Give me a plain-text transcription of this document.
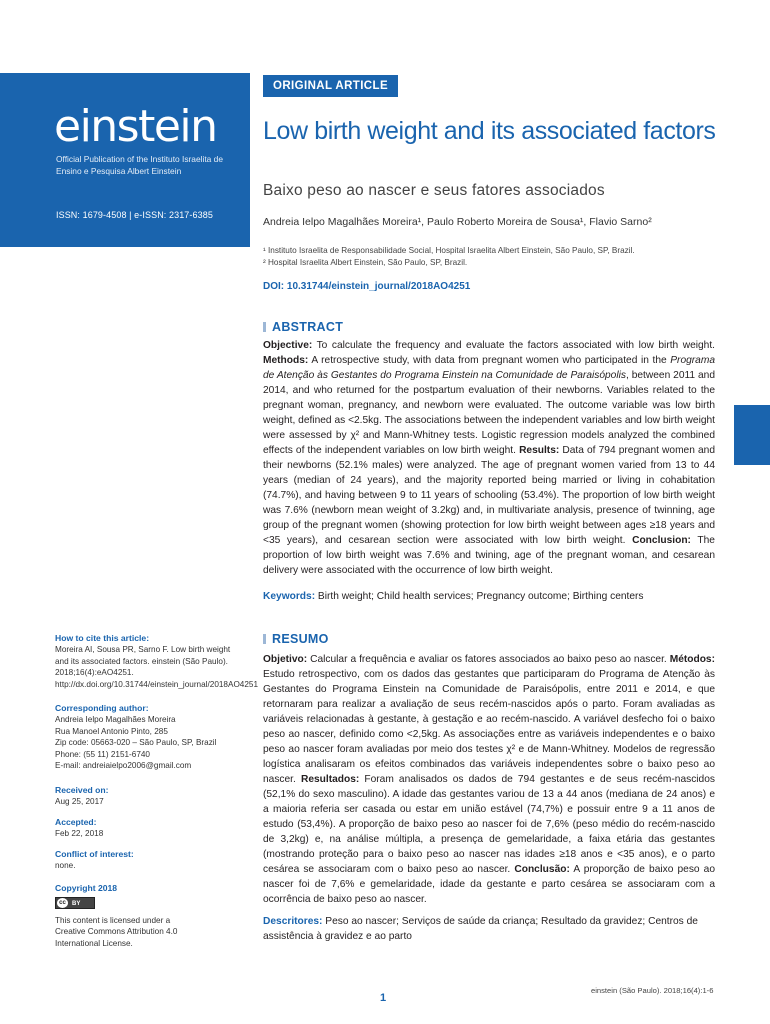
einstein
Official Publication of the Instituto Israelita de Ensino e Pesquisa Albert Einstein
ISSN: 1679-4508 | e-ISSN: 2317-6385
ORIGINAL ARTICLE
Low birth weight and its associated factors
Baixo peso ao nascer e seus fatores associados
Andreia Ielpo Magalhães Moreira¹, Paulo Roberto Moreira de Sousa¹, Flavio Sarno²
¹ Instituto Israelita de Responsabilidade Social, Hospital Israelita Albert Einstein, São Paulo, SP, Brazil.
² Hospital Israelita Albert Einstein, São Paulo, SP, Brazil.
DOI: 10.31744/einstein_journal/2018AO4251
ABSTRACT
Objective: To calculate the frequency and evaluate the factors associated with low birth weight. Methods: A retrospective study, with data from pregnant women who participated in the Programa de Atenção às Gestantes do Programa Einstein na Comunidade de Paraisópolis, between 2011 and 2014, and who returned for the postpartum evaluation of their newborns. Variables related to the pregnant woman, pregnancy, and newborn were evaluated. The outcome variable was low birth weight, defined as <2.5kg. The associations between the independent variables and low birth weight were assessed by χ² and Mann-Whitney tests. Logistic regression models analyzed the combined effects of the independent variables on low birth weight. Results: Data of 794 pregnant women and their newborns (52.1% males) were analyzed. The age of pregnant women varied from 13 to 44 years (median of 24 years), and the majority reported being married or living in cohabitation (74.7%), and having between 9 to 11 years of schooling (53.4%). The proportion of low birth weight was 7.6% (newborn mean weight of 3.2kg) and, in multivariate analysis, presence of twinning, age group of the pregnant women (showing protection for low birth weight between ages ≥18 years and <35 years), and cesarean section were associated with low birth weight. Conclusion: The proportion of low birth weight was 7.6% and twining, age of the pregnant woman, and cesarean delivery were associated with the occurrence of low birth weight.
Keywords: Birth weight; Child health services; Pregnancy outcome; Birthing centers
RESUMO
Objetivo: Calcular a frequência e avaliar os fatores associados ao baixo peso ao nascer. Métodos: Estudo retrospectivo, com os dados das gestantes que participaram do Programa de Atenção às Gestantes do Programa Einstein na Comunidade de Paraisópolis, entre 2011 e 2014, e que retornaram para realizar a avaliação de seus recém-nascidos após o parto. Foram avaliadas as variáveis relacionadas à gestante, à gestação e ao recém-nascido. A variável desfecho foi o baixo peso ao nascer, definido como <2,5kg. As associações entre as variáveis independentes e o baixo peso ao nascer foram avaliadas por meio dos testes χ² e de Mann-Whitney. Modelos de regressão logística analisaram os efeitos combinados das variáveis independentes sobre o baixo peso ao nascer. Resultados: Foram analisados os dados de 794 gestantes e de seus recém-nascidos (52,1% do sexo masculino). A idade das gestantes variou de 13 a 44 anos (mediana de 24 anos) e a maioria referia ser casada ou estar em união estável (74,7%) e possuir entre 9 a 11 anos de estudo (53,4%). A proporção de baixo peso ao nascer foi de 7,6% (peso médio do recém-nascido de 3,2kg) e, na análise múltipla, a presença de gemelaridade, a faixa etária das gestantes (mostrando proteção para o baixo peso ao nascer nas idades ≥18 anos e <35 anos), e o parto cesárea se associaram com o baixo peso ao nascer. Conclusão: A proporção de baixo peso ao nascer foi de 7,6% e gemelaridade, idade da gestante e parto cesárea se associaram com a ocorrência de baixo peso ao nascer.
Descritores: Peso ao nascer; Serviços de saúde da criança; Resultado da gravidez; Centros de assistência à gravidez e ao parto
How to cite this article:
Moreira AI, Sousa PR, Sarno F. Low birth weight and its associated factors. einstein (São Paulo). 2018;16(4):eAO4251. http://dx.doi.org/10.31744/einstein_journal/2018AO4251
Corresponding author:
Andreia Ielpo Magalhães Moreira
Rua Manoel Antonio Pinto, 285
Zip code: 05663-020 – São Paulo, SP, Brazil
Phone: (55 11) 2151-6740
E-mail: andreiaielpo2006@gmail.com
Received on:
Aug 25, 2017
Accepted:
Feb 22, 2018
Conflict of interest:
none.
Copyright 2018
cc	BY
This content is licensed under a Creative Commons Attribution 4.0 International License.
1
einstein (São Paulo). 2018;16(4):1-6
